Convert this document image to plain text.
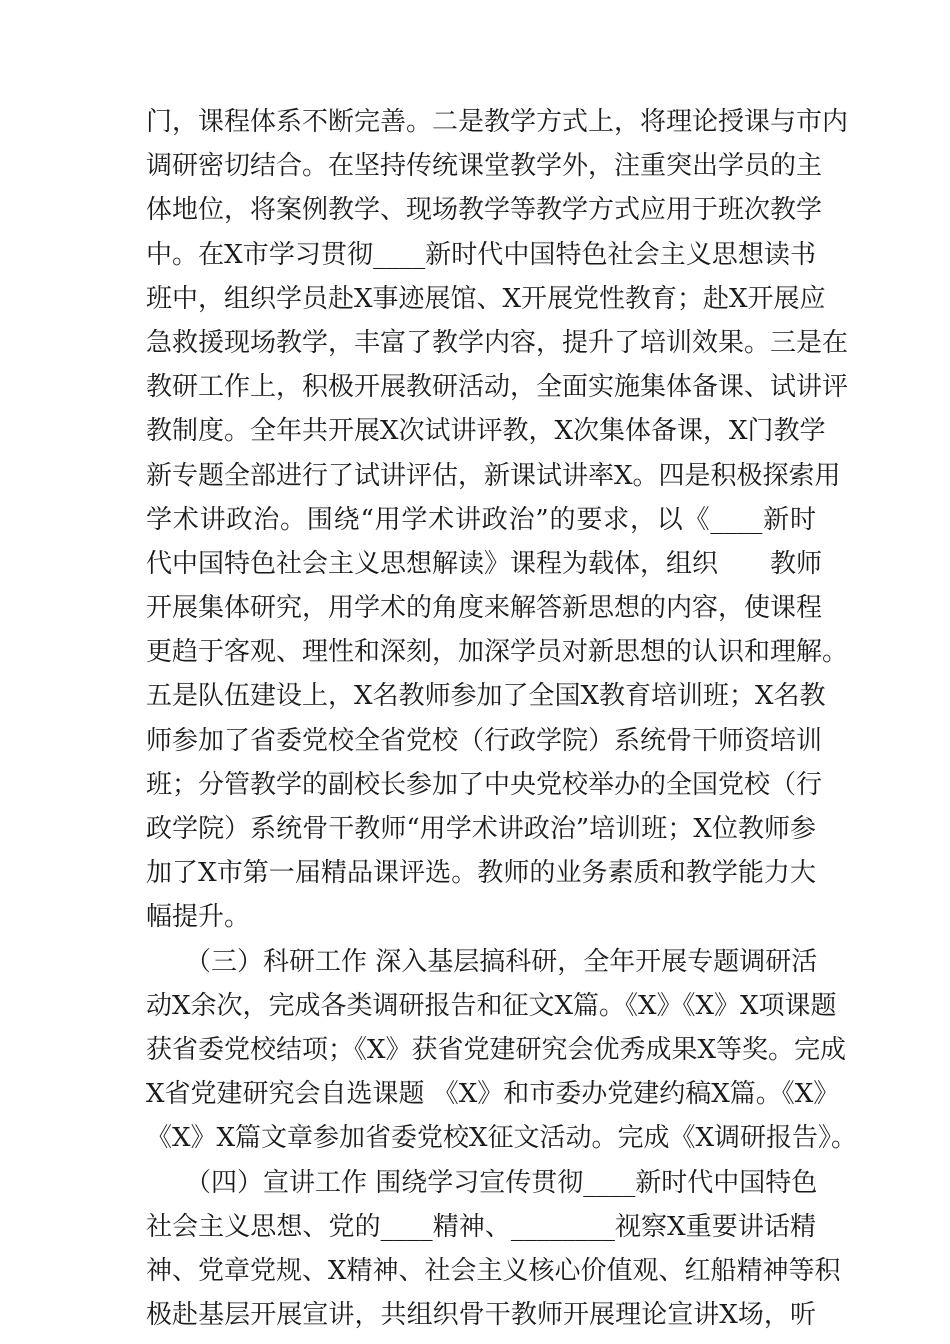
门，课程体系不断完善。二是教学方式上，将理论授课与市内
调研密切结合。在坚持传统课堂教学外，注重突出学员的主
体地位，将案例教学、现场教学等教学方式应用于班次教学
中。在X市学习贯彻____新时代中国特色社会主义思想读书
班中，组织学员赴X事迹展馆、X开展党性教育；赴X开展应
急救援现场教学，丰富了教学内容，提升了培训效果。三是在
教研工作上，积极开展教研活动，全面实施集体备课、试讲评
教制度。全年共开展X次试讲评教，X次集体备课，X门教学
新专题全部进行了试讲评估，新课试讲率X。四是积极探索用
学术讲政治。围绕“用学术讲政治”的要求，以《____新时
代中国特色社会主义思想解读》课程为载体，组织　　教师
开展集体研究，用学术的角度来解答新思想的内容，使课程
更趋于客观、理性和深刻，加深学员对新思想的认识和理解。
五是队伍建设上，X名教师参加了全国X教育培训班；X名教
师参加了省委党校全省党校（行政学院）系统骨干师资培训
班；分管教学的副校长参加了中央党校举办的全国党校（行
政学院）系统骨干教师“用学术讲政治”培训班；X位教师参
加了X市第一届精品课评选。教师的业务素质和教学能力大
幅提升。
　　（三）科研工作 深入基层搞科研，全年开展专题调研活
动X余次，完成各类调研报告和征文X篇。《X》《X》X项课题
获省委党校结项；《X》获省党建研究会优秀成果X等奖。完成
X省党建研究会自选课题 《X》和市委办党建约稿X篇。《X》
《X》X篇文章参加省委党校X征文活动。完成《X调研报告》。
　　（四）宣讲工作 围绕学习宣传贯彻____新时代中国特色
社会主义思想、党的____精神、________视察X重要讲话精
神、党章党规、X精神、社会主义核心价值观、红船精神等积
极赴基层开展宣讲，共组织骨干教师开展理论宣讲X场，听
